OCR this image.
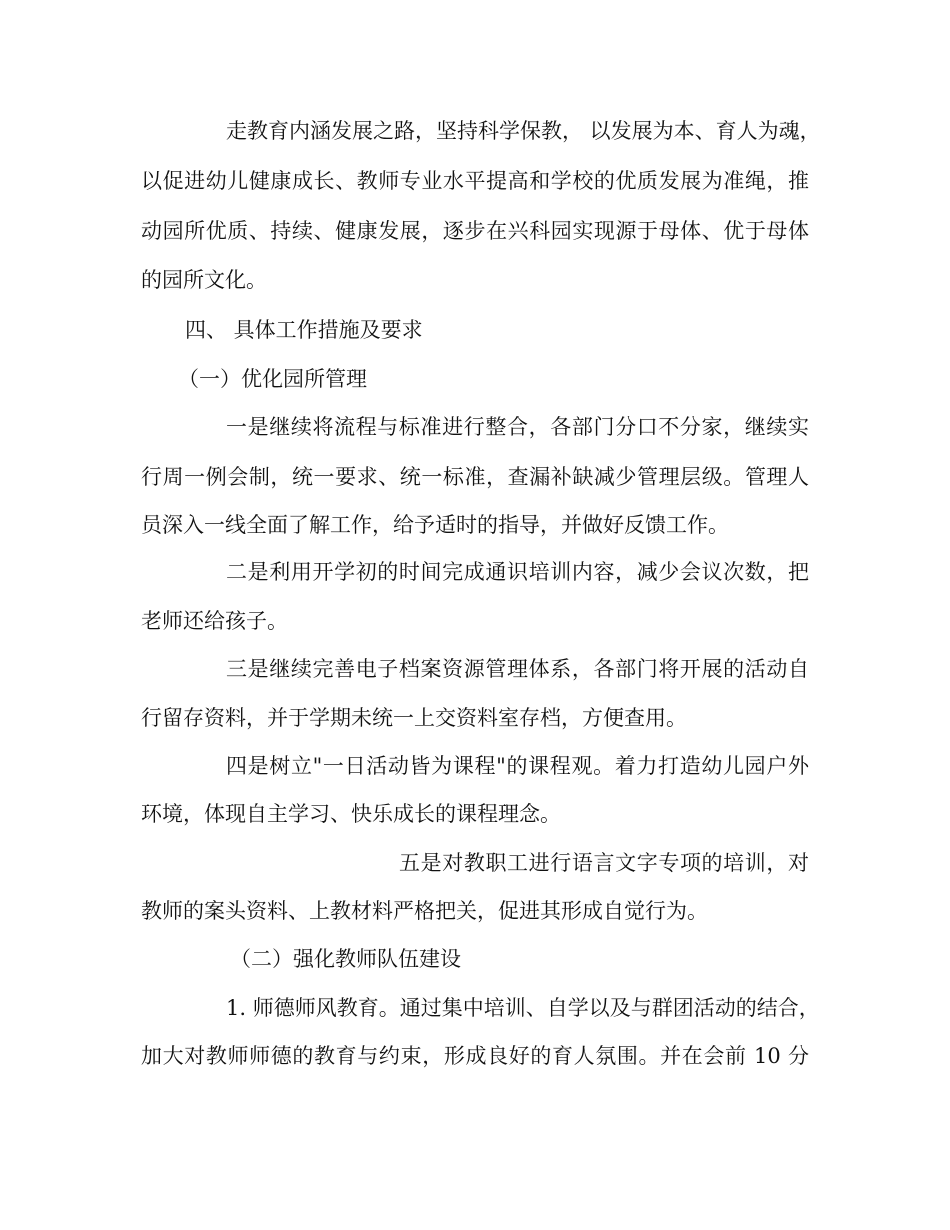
走教育内涵发展之路，坚持科学保教， 以发展为本、育人为魂，

以促进幼儿健康成长、教师专业水平提高和学校的优质发展为准绳，推

动园所优质、持续、健康发展，逐步在兴科园实现源于母体、优于母体

的园所文化。

四、 具体工作措施及要求

（一）优化园所管理

一是继续将流程与标准进行整合，各部门分口不分家，继续实

行周一例会制，统一要求、统一标准，查漏补缺减少管理层级。管理人

员深入一线全面了解工作，给予适时的指导，并做好反馈工作。

二是利用开学初的时间完成通识培训内容，减少会议次数，把

老师还给孩子。

三是继续完善电子档案资源管理体系，各部门将开展的活动自

行留存资料，并于学期未统一上交资料室存档，方便查用。

四是树立"一日活动皆为课程"的课程观。着力打造幼儿园户外

环境，体现自主学习、快乐成长的课程理念。

五是对教职工进行语言文字专项的培训，对

教师的案头资料、上教材料严格把关，促进其形成自觉行为。

（二）强化教师队伍建设

1. 师德师风教育。通过集中培训、自学以及与群团活动的结合，

加大对教师师德的教育与约束，形成良好的育人氛围。并在会前 10 分
